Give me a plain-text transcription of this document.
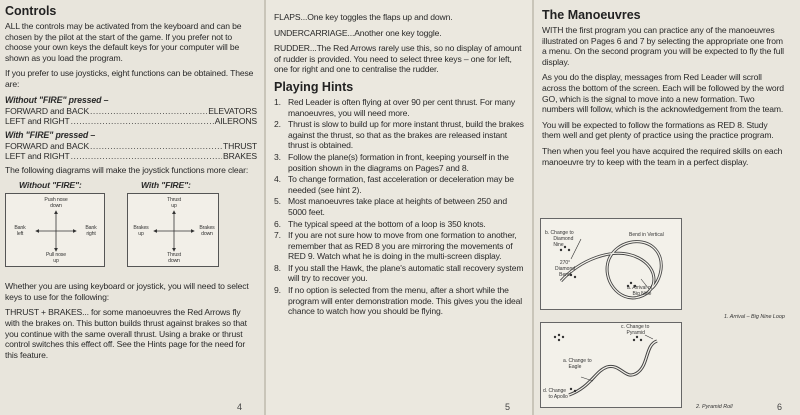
Controls

ALL the controls may be activated from the keyboard and can be chosen by the pilot at the start of the game. If you prefer not to choose your own keys the default keys for your computer will be shown as you load the program.

If you prefer to use joysticks, eight functions can be obtained. These are:

Without "FIRE" pressed –
FORWARD and BACK .....	ELEVATORS
LEFT and RIGHT .....	AILERONS
With "FIRE" pressed –
FORWARD and BACK .....	THRUST
LEFT and RIGHT .....	BRAKES

The following diagrams will make the joystick functions more clear:

Without "FIRE":
Push nose
down
Pull nose
up
Bank
left
Bank
right
With "FIRE":
Thrust
up
Thrust
down
Brakes
up
Brakes
down

Whether you are using keyboard or joystick, you will need to select keys to use for the following:

THRUST + BRAKES... for some manoeuvres the Red Arrows fly with the brakes on. This button builds thrust against brakes so that you continue with the same overall thrust. Using a brake or thrust control switches this effect off. See the Hints page for the need for this feature.

4

FLAPS...One key toggles the flaps up and down.

UNDERCARRIAGE...Another one key toggle.

RUDDER...The Red Arrows rarely use this, so no display of amount of rudder is provided. You need to select three keys – one for left, one for right and one to centralise the rudder.

Playing Hints
1. Red Leader is often flying at over 90 per cent thrust. For many manoeuvres, you will need more.
2. Thrust is slow to build up for more instant thrust, build the brakes against the thrust, so that as the brakes are released instant thrust is obtained.
3. Follow the plane(s) formation in front, keeping yourself in the position shown in the diagrams on Pages7 and 8.
4. To change formation, fast acceleration or deceleration may be needed (see hint 2).
5. Most manoeuvres take place at heights of between 250 and 5000 feet.
6. The typical speed at the bottom of a loop is 350 knots.
7. If you are not sure how to move from one formation to another, remember that as RED 8 you are mirroring the movements of RED 9. Watch what he is doing in the multi-screen display.
8. If you stall the Hawk, the plane's automatic stall recovery system will try to recover you.
9. If no option is selected from the menu, after a short while the program will enter demonstration mode. This gives you the ideal chance to watch how you should be flying.
5
The Manoeuvres

WITH the first program you can practice any of the manoeuvres illustrated on Pages 6 and 7 by selecting the appropriate one from a menu. On the second program you will be expected to fly the full display.

As you do the display, messages from Red Leader will scroll across the bottom of the screen. Each will be followed by the word GO, which is the signal to move into a new formation. Two numbers will follow, which is the acknowledgement from the team.

You will be expected to follow the formations as RED 8. Study them well and get plenty of practice using the practice program.

Then when you feel you have acquired the required skills on each manoeuvre try to keep with the team in a perfect display.

b. Change to
Diamond
Nine
Bend in Vertical
270°
Diamond
Bend
a. Arrival of
Big Nine
1. Arrival – Big Nine Loop
c. Change to
Pyramid
a. Change to
Eagle
d. Change
to Apollo
2. Pyramid Roll	6
